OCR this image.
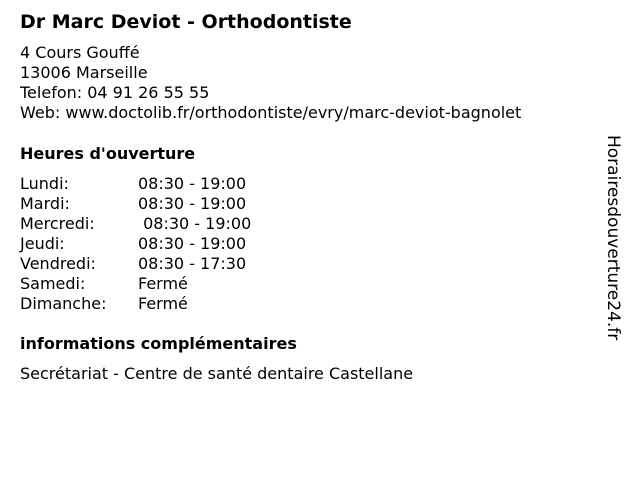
Dr Marc Deviot - Orthodontiste
4 Cours Gouffé
13006 Marseille
Telefon: 04 91 26 55 55
Web: www.doctolib.fr/orthodontiste/evry/marc-deviot-bagnolet
Heures d'ouverture
Lundi:	08:30 - 19:00
Mardi:	08:30 - 19:00
Mercredi:	08:30 - 19:00
Jeudi:	08:30 - 19:00
Vendredi:	08:30 - 17:30
Samedi:	Fermé
Dimanche:	Fermé
informations complémentaires
Secrétariat - Centre de santé dentaire Castellane
Horairesdouverture24.fr
